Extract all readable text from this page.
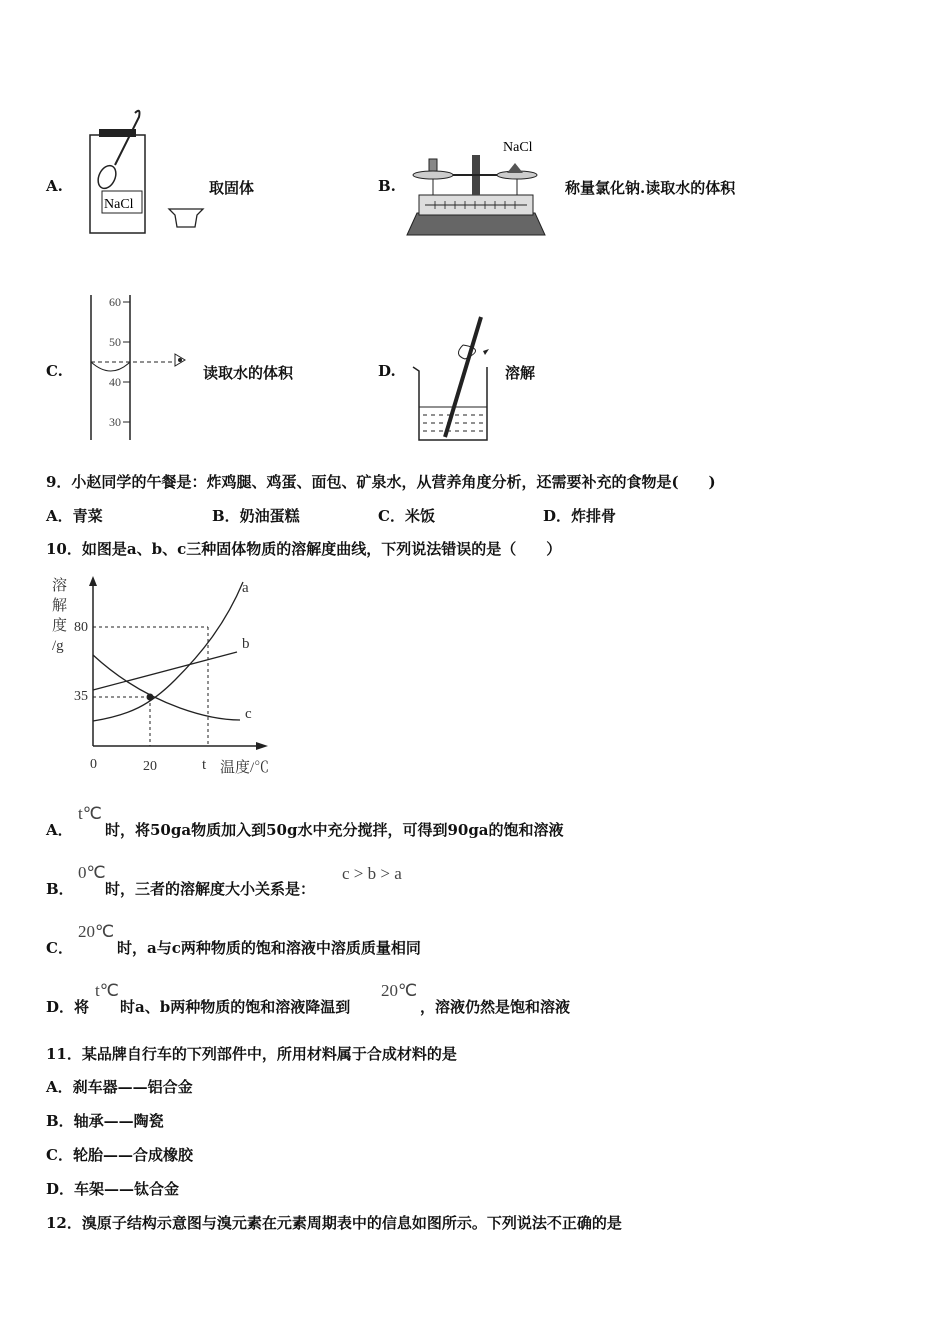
A.
NaCl
取固体	B.
NaCl
称量氯化钠.读取水的体积
C.
60
50
40
30
读取水的体积	D.	溶解
9．小赵同学的午餐是：炸鸡腿、鸡蛋、面包、矿泉水，从营养角度分析，还需要补充的食物是(　　)
A．青菜	B．奶油蛋糕	C．米饭	D．炸排骨
10．如图是a、b、c三种固体物质的溶解度曲线，下列说法错误的是（　　）
溶
解
度
/g
a
b
c
80
35
0	20	t 温度/℃
A．
t℃
时，将50ga物质加入到50g水中充分搅拌，可得到90ga的饱和溶液
B．
0℃
时，三者的溶解度大小关系是：
c > b > a
C．
20℃
时，a与c两种物质的饱和溶液中溶质质量相同
D．将
t℃
时a、b两种物质的饱和溶液降温到
20℃
，溶液仍然是饱和溶液
11．某品牌自行车的下列部件中，所用材料属于合成材料的是
A．刹车器——铝合金
B．轴承——陶瓷
C．轮胎——合成橡胶
D．车架——钛合金
12．溴原子结构示意图与溴元素在元素周期表中的信息如图所示。下列说法不正确的是
